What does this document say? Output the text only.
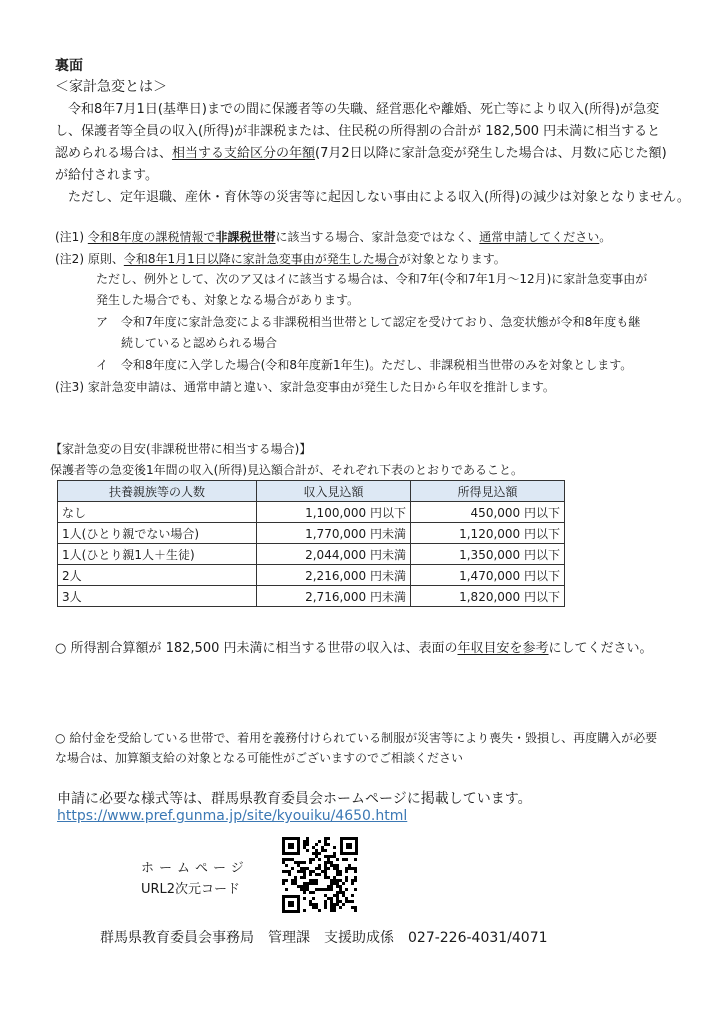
裏面
＜家計急変とは＞
令和8年7月1日(基準日)までの間に保護者等の失職、経営悪化や離婚、死亡等により収入(所得)が急変
し、保護者等全員の収入(所得)が非課税または、住民税の所得割の合計が 182,500 円未満に相当すると
認められる場合は、相当する支給区分の年額(7月2日以降に家計急変が発生した場合は、月数に応じた額)
が給付されます。
ただし、定年退職、産休・育休等の災害等に起因しない事由による収入(所得)の減少は対象となりません。
(注1) 令和8年度の課税情報で非課税世帯に該当する場合、家計急変ではなく、通常申請してください。
(注2) 原則、令和8年1月1日以降に家計急変事由が発生した場合が対象となります。
ただし、例外として、次のア又はイに該当する場合は、令和7年(令和7年1月～12月)に家計急変事由が
発生した場合でも、対象となる場合があります。
ア 令和7年度に家計急変による非課税相当世帯として認定を受けており、急変状態が令和8年度も継
続していると認められる場合
イ 令和8年度に入学した場合(令和8年度新1年生)。ただし、非課税相当世帯のみを対象とします。
(注3) 家計急変申請は、通常申請と違い、家計急変事由が発生した日から年収を推計します。
【家計急変の目安(非課税世帯に相当する場合)】
保護者等の急変後1年間の収入(所得)見込額合計が、それぞれ下表のとおりであること。
扶養親族等の人数	収入見込額	所得見込額
なし	1,100,000 円以下	450,000 円以下
1人(ひとり親でない場合)	1,770,000 円未満	1,120,000 円以下
1人(ひとり親1人＋生徒)	2,044,000 円未満	1,350,000 円以下
2人	2,216,000 円未満	1,470,000 円以下
3人	2,716,000 円未満	1,820,000 円以下
○ 所得割合算額が 182,500 円未満に相当する世帯の収入は、表面の年収目安を参考にしてください。
○ 給付金を受給している世帯で、着用を義務付けられている制服が災害等により喪失・毀損し、再度購入が必要
な場合は、加算額支給の対象となる可能性がございますのでご相談ください
申請に必要な様式等は、群馬県教育委員会ホームページに掲載しています。
https://www.pref.gunma.jp/site/kyouiku/4650.html
ホームページ
URL2次元コード
群馬県教育委員会事務局　管理課　支援助成係　027-226-4031/4071
